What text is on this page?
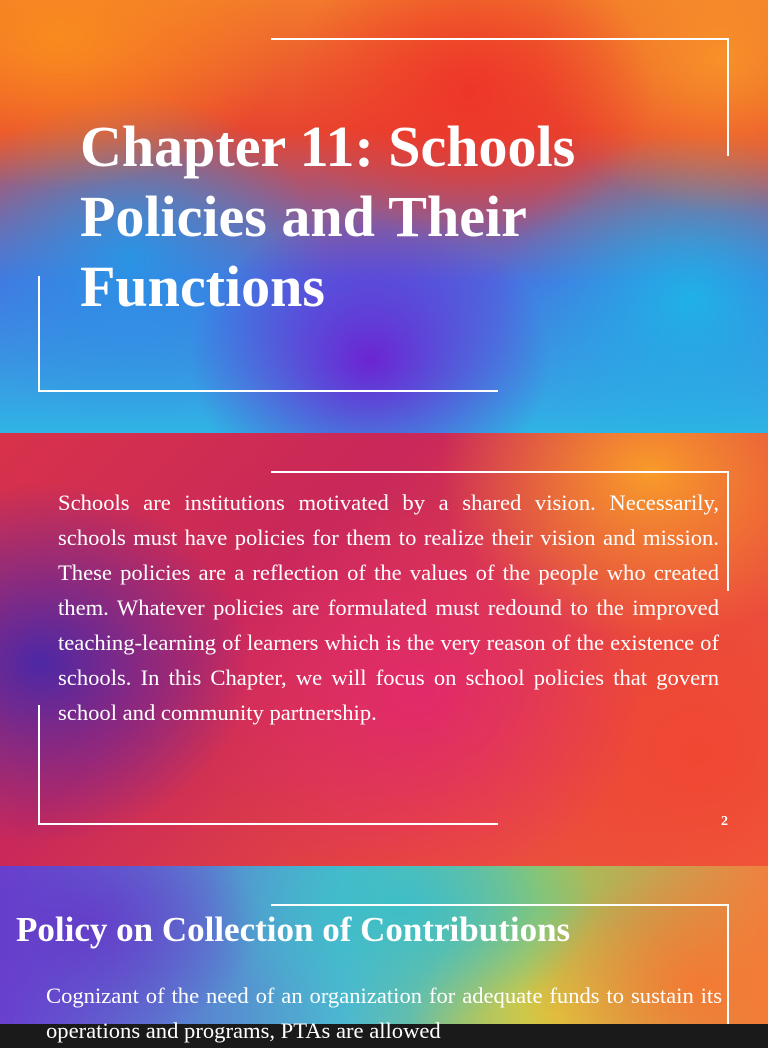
Chapter 11: Schools Policies and Their Functions

Schools are institutions motivated by a shared vision. Necessarily, schools must have policies for them to realize their vision and mission. These policies are a reflection of the values of the people who created them. Whatever policies are formulated must redound to the improved teaching-learning of learners which is the very reason of the existence of schools. In this Chapter, we will focus on school policies that govern school and community partnership.

2
Policy on Collection of Contributions

Cognizant of the need of an organization for adequate funds to sustain its operations and programs, PTAs are allowed
